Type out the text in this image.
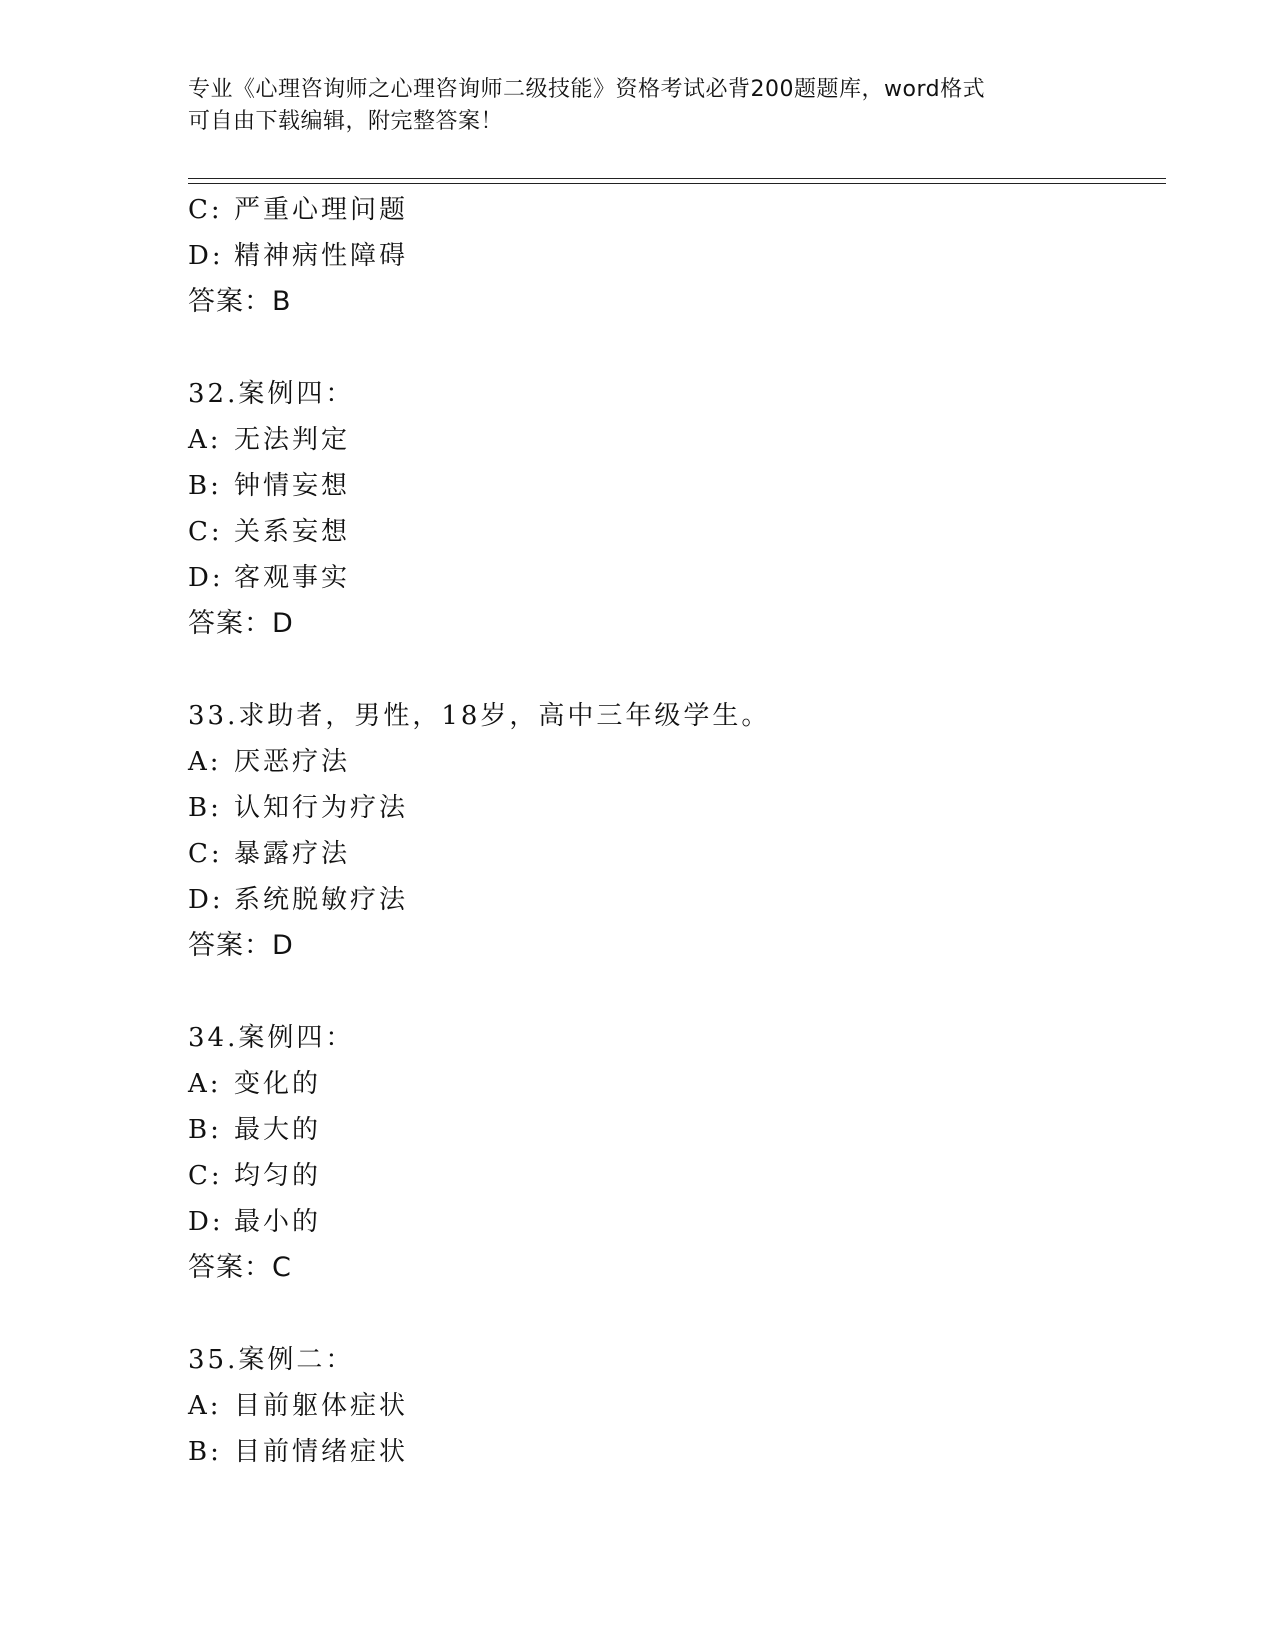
专业《心理咨询师之心理咨询师二级技能》资格考试必背200题题库，word格式
可自由下载编辑，附完整答案！
C: 严重心理问题
D: 精神病性障碍
答案：B
32.案例四：
A: 无法判定
B: 钟情妄想
C: 关系妄想
D: 客观事实
答案：D
33.求助者，男性，18岁，高中三年级学生。
A: 厌恶疗法
B: 认知行为疗法
C: 暴露疗法
D: 系统脱敏疗法
答案：D
34.案例四：
A: 变化的
B: 最大的
C: 均匀的
D: 最小的
答案：C
35.案例二：
A: 目前躯体症状
B: 目前情绪症状
